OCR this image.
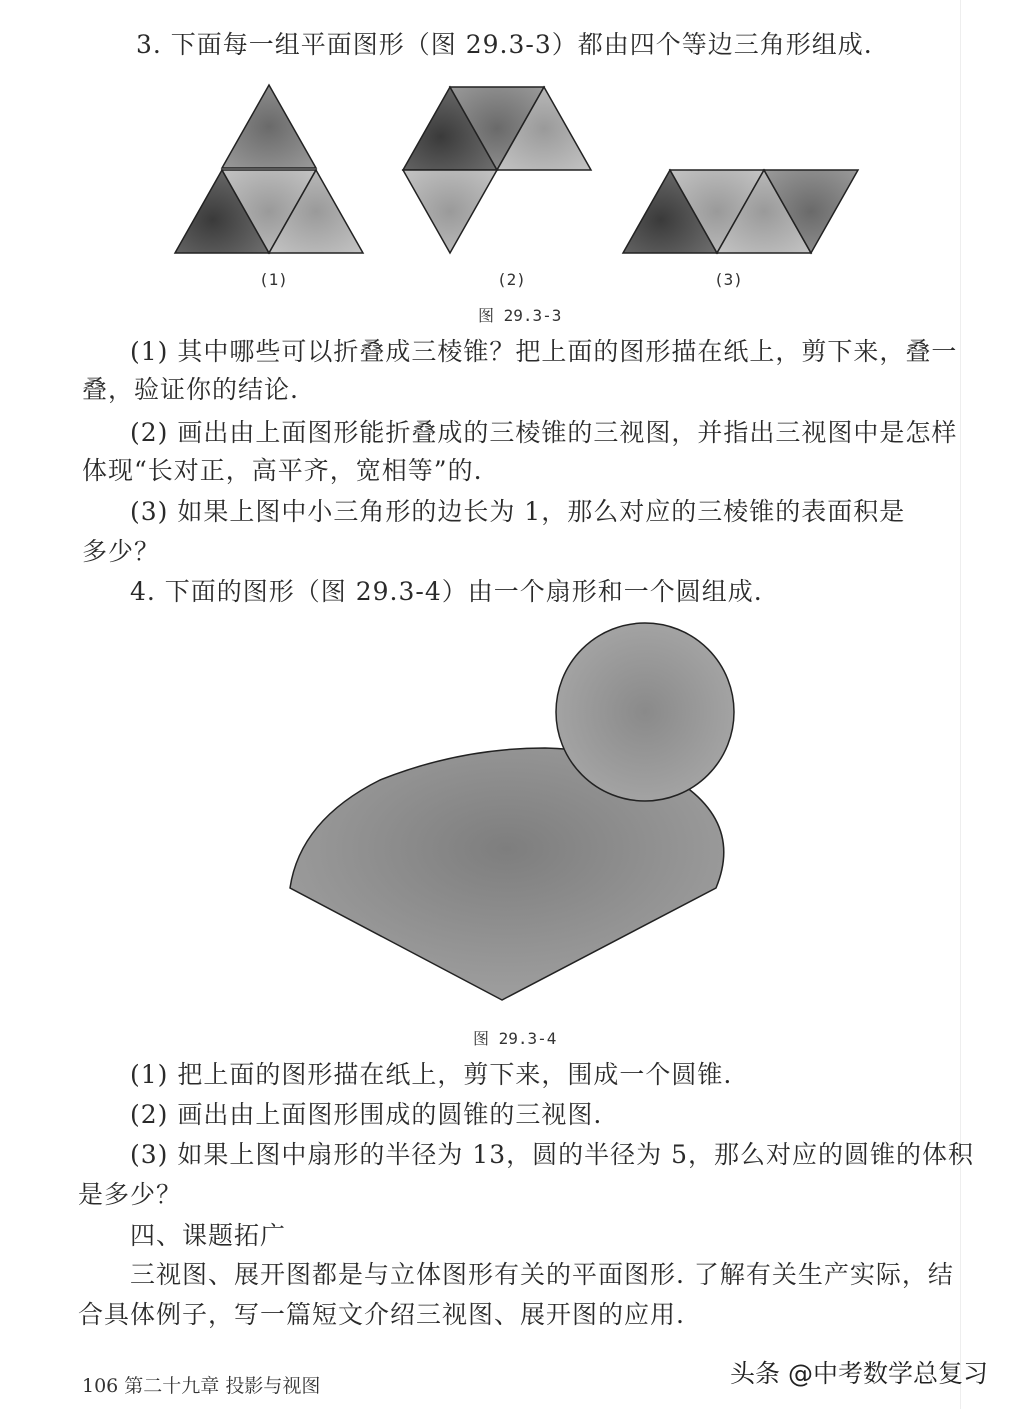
3. 下面每一组平面图形（图 29.3-3）都由四个等边三角形组成.
(1)	(2)	(3)
图 29.3-3
(1) 其中哪些可以折叠成三棱锥？把上面的图形描在纸上，剪下来，叠一
叠，验证你的结论.
(2) 画出由上面图形能折叠成的三棱锥的三视图，并指出三视图中是怎样
体现“长对正，高平齐，宽相等”的.
(3) 如果上图中小三角形的边长为 1，那么对应的三棱锥的表面积是
多少？
4. 下面的图形（图 29.3-4）由一个扇形和一个圆组成.
图 29.3-4
(1) 把上面的图形描在纸上，剪下来，围成一个圆锥.
(2) 画出由上面图形围成的圆锥的三视图.
(3) 如果上图中扇形的半径为 13，圆的半径为 5，那么对应的圆锥的体积
是多少？
四、课题拓广
三视图、展开图都是与立体图形有关的平面图形. 了解有关生产实际，结
合具体例子，写一篇短文介绍三视图、展开图的应用.
106 第二十九章 投影与视图	头条 @中考数学总复习
